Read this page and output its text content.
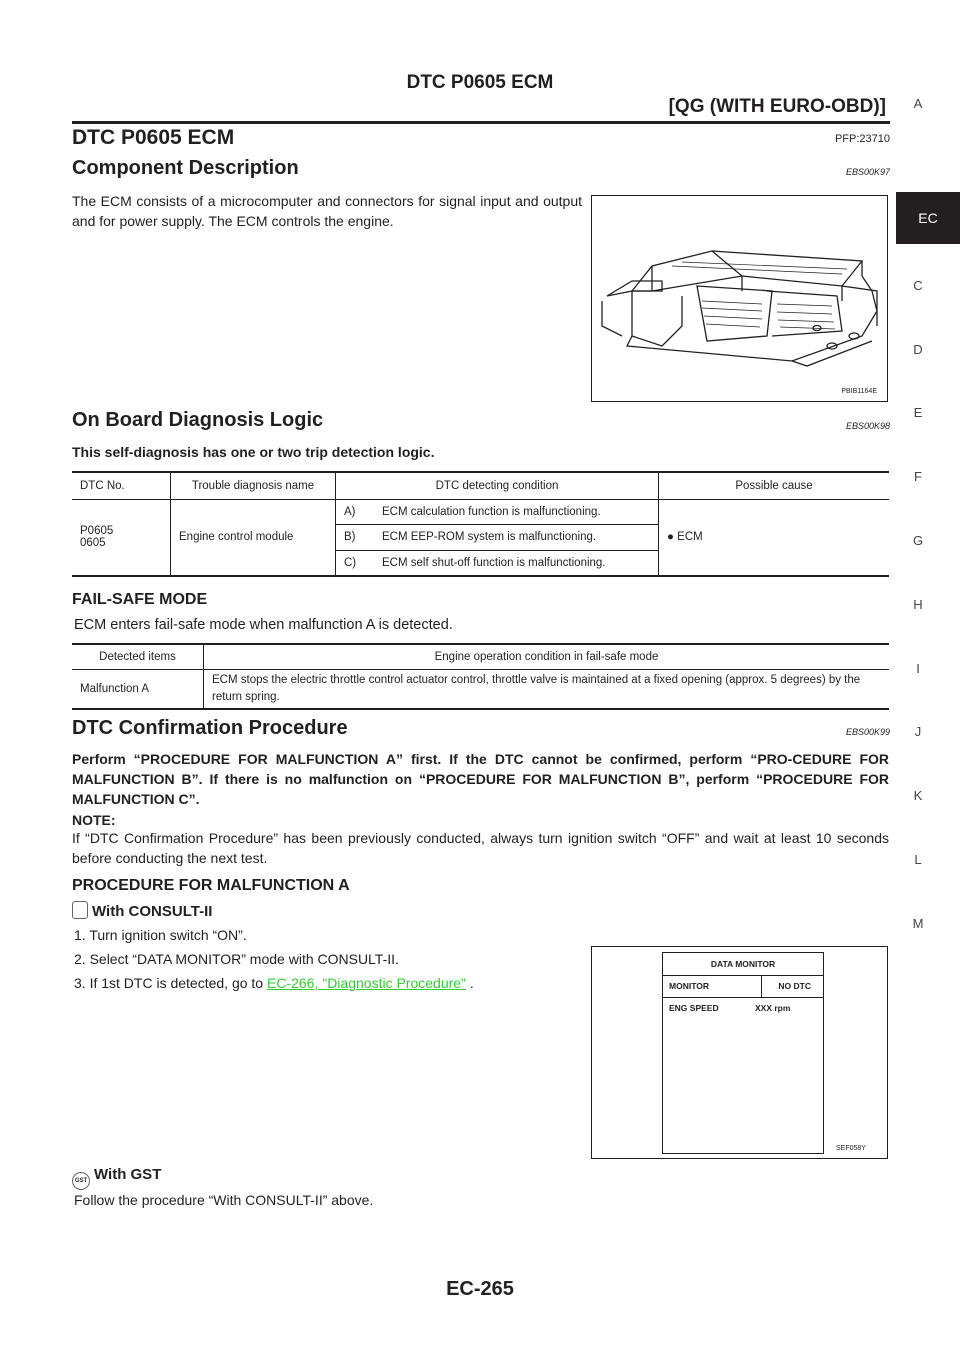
DTC P0605 ECM
[QG (WITH EURO-OBD)]	A
EC
C
D
E
F
G
H
I
J
K
L
M
DTC P0605 ECM	PFP:23710
Component Description	EBS00K97
The ECM consists of a microcomputer and connectors for signal input and output and for power supply. The ECM controls the engine.
PBIB1164E
On Board Diagnosis Logic	EBS00K98
This self-diagnosis has one or two trip detection logic.
DTC No.	Trouble diagnosis name	DTC detecting condition		Possible cause

P0605
0605	Engine control module	A)	ECM calculation function is malfunctioning.	● ECM
		B)	ECM EEP-ROM system is malfunctioning.	
		C)	ECM self shut-off function is malfunctioning.	
FAIL-SAFE MODE
ECM enters fail-safe mode when malfunction A is detected.
Detected items	Engine operation condition in fail-safe mode
Malfunction A	ECM stops the electric throttle control actuator control, throttle valve is maintained at a fixed opening (approx. 5 degrees) by the return spring.
DTC Confirmation Procedure	EBS00K99
Perform “PROCEDURE FOR MALFUNCTION A” first. If the DTC cannot be confirmed, perform “PRO-CEDURE FOR MALFUNCTION B”. If there is no malfunction on “PROCEDURE FOR MALFUNCTION B”, perform “PROCEDURE FOR MALFUNCTION C”.
NOTE:
If “DTC Confirmation Procedure” has been previously conducted, always turn ignition switch “OFF” and wait at least 10 seconds before conducting the next test.
PROCEDURE FOR MALFUNCTION A
With CONSULT-II
1. Turn ignition switch “ON”.
2. Select “DATA MONITOR” mode with CONSULT-II.
3. If 1st DTC is detected, go to EC-266, "Diagnostic Procedure" .
DATA MONITOR
MONITOR	NO DTC
ENG SPEED	XXX rpm
SEF058Y
GST With GST
Follow the procedure “With CONSULT-II” above.
EC-265
